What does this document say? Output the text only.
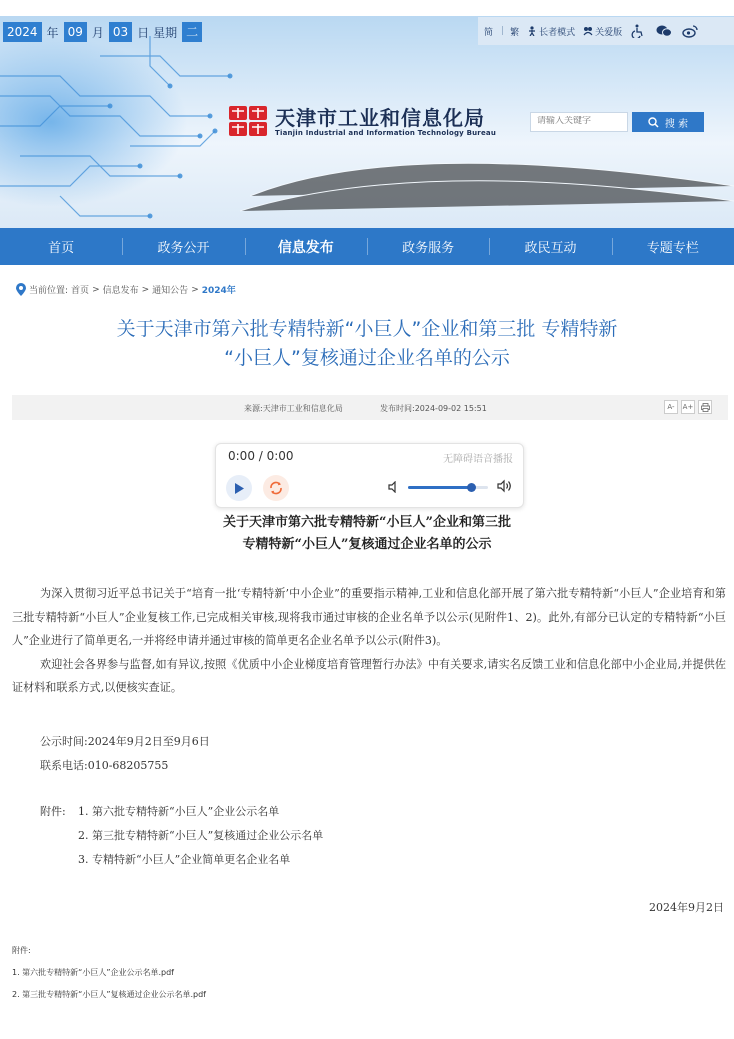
2024 年 09 月 03 日 星期 二	简 | 繁 长者模式 关爱版
天津市工业和信息化局
Tianjin Industrial and Information Technology Bureau
请输入关键字
搜 索
首页	政务公开	信息发布	政务服务	政民互动	专题专栏
当前位置: 首页 > 信息发布 > 通知公告 > 2024年
关于天津市第六批专精特新“小巨人”企业和第三批 专精特新
“小巨人”复核通过企业名单的公示
来源:天津市工业和信息化局	发布时间:2024-09-02 15:51	A-	A+
0:00 / 0:00	无障碍语音播报
关于天津市第六批专精特新“小巨人”企业和第三批
专精特新“小巨人”复核通过企业名单的公示

为深入贯彻习近平总书记关于“培育一批‘专精特新’中小企业”的重要指示精神,工业和信息化部开展了第六批专精特新“小巨人”企业培育和第三批专精特新“小巨人”企业复核工作,已完成相关审核,现将我市通过审核的企业名单予以公示(见附件1、2)。此外,有部分已认定的专精特新“小巨人”企业进行了简单更名,一并将经申请并通过审核的简单更名企业名单予以公示(附件3)。

欢迎社会各界参与监督,如有异议,按照《优质中小企业梯度培育管理暂行办法》中有关要求,请实名反馈工业和信息化部中小企业局,并提供佐证材料和联系方式,以便核实查证。

公示时间:2024年9月2日至9月6日
联系电话:010-68205755
附件: 1. 第六批专精特新“小巨人”企业公示名单
2. 第三批专精特新“小巨人”复核通过企业公示名单
3. 专精特新“小巨人”企业简单更名企业名单
2024年9月2日
附件:
1. 第六批专精特新“小巨人”企业公示名单.pdf
2. 第三批专精特新“小巨人”复核通过企业公示名单.pdf
